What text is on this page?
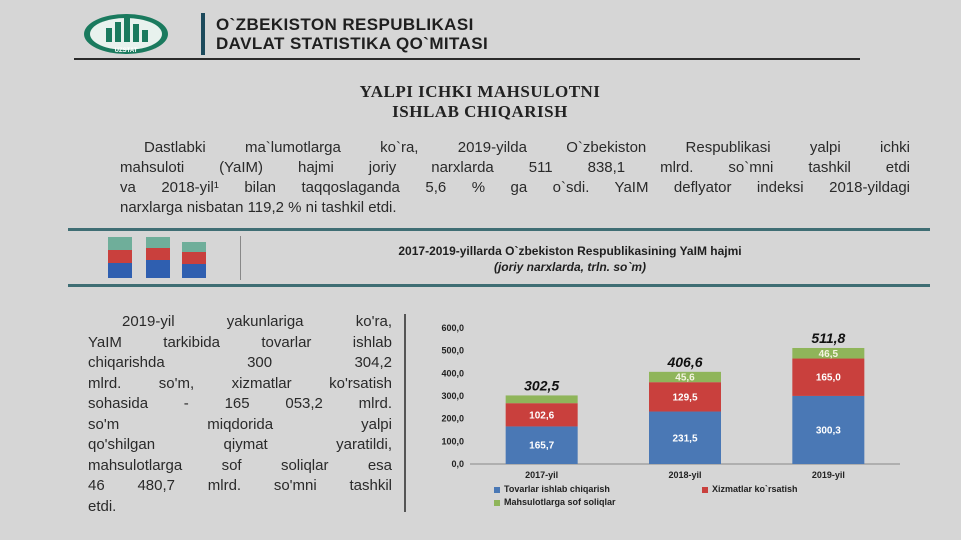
UZSTAT
O`ZBEKISTON RESPUBLIKASI
DAVLAT STATISTIKA QO`MITASI
YALPI ICHKI MAHSULOTNI
ISHLAB CHIQARISH

Dastlabki ma`lumotlarga ko`ra, 2019-yilda O`zbekiston Respublikasi yalpi ichki

mahsuloti (YaIM) hajmi joriy narxlarda 511 838,1 mlrd. so`mni tashkil etdi

va 2018-yil¹ bilan taqqoslaganda 5,6 % ga o`sdi. YaIM deflyator indeksi 2018-yildagi

narxlarga nisbatan 119,2 % ni tashkil etdi.

2017-2019-yillarda O`zbekiston Respublikasining YaIM hajmi
(joriy narxlarda, trln. so`m)
2019-yil yakunlariga ko'ra,
YaIM tarkibida tovarlar ishlab
chiqarishda 300 304,2
mlrd. so'm, xizmatlar ko'rsatish
sohasida - 165 053,2 mlrd.
so'm miqdorida yalpi
qo'shilgan qiymat yaratildi,
mahsulotlarga sof soliqlar esa
46 480,7 mlrd. so'mni tashkil
etdi.
0,0
100,0
200,0
300,0
400,0
500,0
600,0
165,7
102,6
302,5
2017-yil
231,5
129,5
45,6
406,6
2018-yil
300,3
165,0
46,5
511,8
2019-yil
Tovarlar ishlab chiqarish	Xizmatlar ko`rsatish
Mahsulotlarga sof soliqlar
